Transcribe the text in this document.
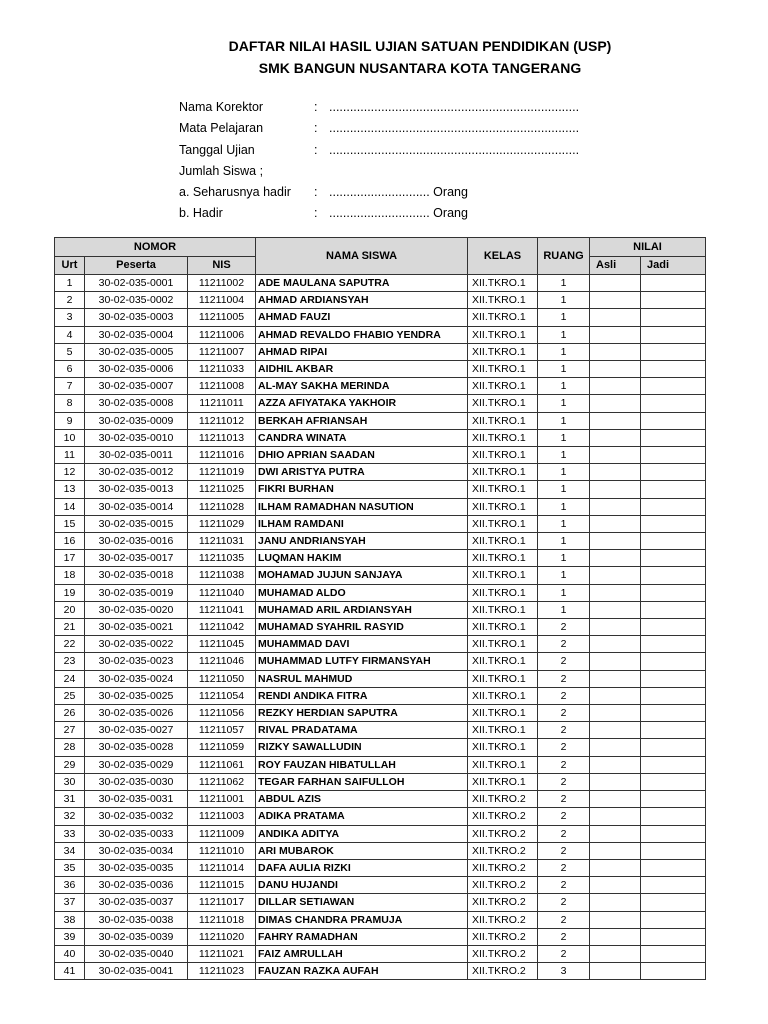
DAFTAR NILAI HASIL UJIAN SATUAN PENDIDIKAN (USP)
SMK BANGUN NUSANTARA KOTA TANGERANG
Nama Korektor	: ........................................................................
Mata Pelajaran	: ........................................................................
Tanggal Ujian	: ........................................................................
Jumlah Siswa ;
a. Seharusnya hadir : ............................. Orang
b. Hadir	: ............................. Orang
NOMOR			NAMA SISWA	KELAS	RUANG	NILAI	
Urt	Peserta	NIS				Asli	Jadi
1	30-02-035-0001	11211002	ADE MAULANA SAPUTRA	XII.TKRO.1	1		
2	30-02-035-0002	11211004	AHMAD ARDIANSYAH	XII.TKRO.1	1		
3	30-02-035-0003	11211005	AHMAD FAUZI	XII.TKRO.1	1		
4	30-02-035-0004	11211006	AHMAD REVALDO FHABIO YENDRA	XII.TKRO.1	1		
5	30-02-035-0005	11211007	AHMAD RIPAI	XII.TKRO.1	1		
6	30-02-035-0006	11211033	AIDHIL AKBAR	XII.TKRO.1	1		
7	30-02-035-0007	11211008	AL-MAY SAKHA MERINDA	XII.TKRO.1	1		
8	30-02-035-0008	11211011	AZZA AFIYATAKA YAKHOIR	XII.TKRO.1	1		
9	30-02-035-0009	11211012	BERKAH AFRIANSAH	XII.TKRO.1	1		
10	30-02-035-0010	11211013	CANDRA WINATA	XII.TKRO.1	1		
11	30-02-035-0011	11211016	DHIO APRIAN SAADAN	XII.TKRO.1	1		
12	30-02-035-0012	11211019	DWI ARISTYA PUTRA	XII.TKRO.1	1		
13	30-02-035-0013	11211025	FIKRI BURHAN	XII.TKRO.1	1		
14	30-02-035-0014	11211028	ILHAM RAMADHAN NASUTION	XII.TKRO.1	1		
15	30-02-035-0015	11211029	ILHAM RAMDANI	XII.TKRO.1	1		
16	30-02-035-0016	11211031	JANU ANDRIANSYAH	XII.TKRO.1	1		
17	30-02-035-0017	11211035	LUQMAN HAKIM	XII.TKRO.1	1		
18	30-02-035-0018	11211038	MOHAMAD JUJUN SANJAYA	XII.TKRO.1	1		
19	30-02-035-0019	11211040	MUHAMAD ALDO	XII.TKRO.1	1		
20	30-02-035-0020	11211041	MUHAMAD ARIL ARDIANSYAH	XII.TKRO.1	1		
21	30-02-035-0021	11211042	MUHAMAD SYAHRIL RASYID	XII.TKRO.1	2		
22	30-02-035-0022	11211045	MUHAMMAD DAVI	XII.TKRO.1	2		
23	30-02-035-0023	11211046	MUHAMMAD LUTFY FIRMANSYAH	XII.TKRO.1	2		
24	30-02-035-0024	11211050	NASRUL MAHMUD	XII.TKRO.1	2		
25	30-02-035-0025	11211054	RENDI ANDIKA FITRA	XII.TKRO.1	2		
26	30-02-035-0026	11211056	REZKY HERDIAN SAPUTRA	XII.TKRO.1	2		
27	30-02-035-0027	11211057	RIVAL PRADATAMA	XII.TKRO.1	2		
28	30-02-035-0028	11211059	RIZKY SAWALLUDIN	XII.TKRO.1	2		
29	30-02-035-0029	11211061	ROY FAUZAN HIBATULLAH	XII.TKRO.1	2		
30	30-02-035-0030	11211062	TEGAR FARHAN SAIFULLOH	XII.TKRO.1	2		
31	30-02-035-0031	11211001	ABDUL AZIS	XII.TKRO.2	2		
32	30-02-035-0032	11211003	ADIKA PRATAMA	XII.TKRO.2	2		
33	30-02-035-0033	11211009	ANDIKA ADITYA	XII.TKRO.2	2		
34	30-02-035-0034	11211010	ARI MUBAROK	XII.TKRO.2	2		
35	30-02-035-0035	11211014	DAFA AULIA RIZKI	XII.TKRO.2	2		
36	30-02-035-0036	11211015	DANU HUJANDI	XII.TKRO.2	2		
37	30-02-035-0037	11211017	DILLAR SETIAWAN	XII.TKRO.2	2		
38	30-02-035-0038	11211018	DIMAS CHANDRA PRAMUJA	XII.TKRO.2	2		
39	30-02-035-0039	11211020	FAHRY RAMADHAN	XII.TKRO.2	2		
40	30-02-035-0040	11211021	FAIZ AMRULLAH	XII.TKRO.2	2		
41	30-02-035-0041	11211023	FAUZAN RAZKA AUFAH	XII.TKRO.2	3		
